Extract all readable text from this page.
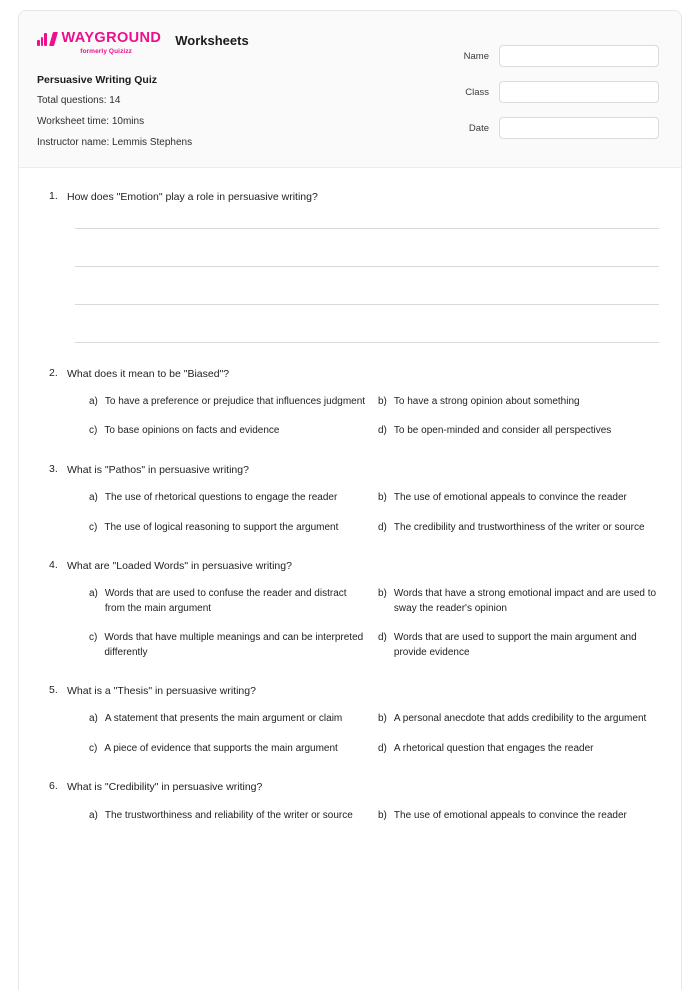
WAYGROUND
formerly Quizizz
Worksheets
Persuasive Writing Quiz
Total questions: 14
Worksheet time: 10mins
Instructor name: Lemmis Stephens
Name
Class
Date
1. How does "Emotion" play a role in persuasive writing?
2. What does it mean to be "Biased"?
a) To have a preference or prejudice that influences judgment b) To have a strong opinion about something
c) To base opinions on facts and evidence	d) To be open-minded and consider all perspectives
3. What is "Pathos" in persuasive writing?
a) The use of rhetorical questions to engage the reader	b) The use of emotional appeals to convince the reader
c) The use of logical reasoning to support the argument	d) The credibility and trustworthiness of the writer or source
4. What are "Loaded Words" in persuasive writing?
a) Words that are used to confuse the reader and distract from the main argument
b) Words that have a strong emotional impact and are used to sway the reader's opinion
c) Words that have multiple meanings and can be interpreted differently
d) Words that are used to support the main argument and provide evidence
5. What is a "Thesis" in persuasive writing?
a) A statement that presents the main argument or claim	b) A personal anecdote that adds credibility to the argument
c) A piece of evidence that supports the main argument	d) A rhetorical question that engages the reader
6. What is "Credibility" in persuasive writing?
a) The trustworthiness and reliability of the writer or source	b) The use of emotional appeals to convince the reader
